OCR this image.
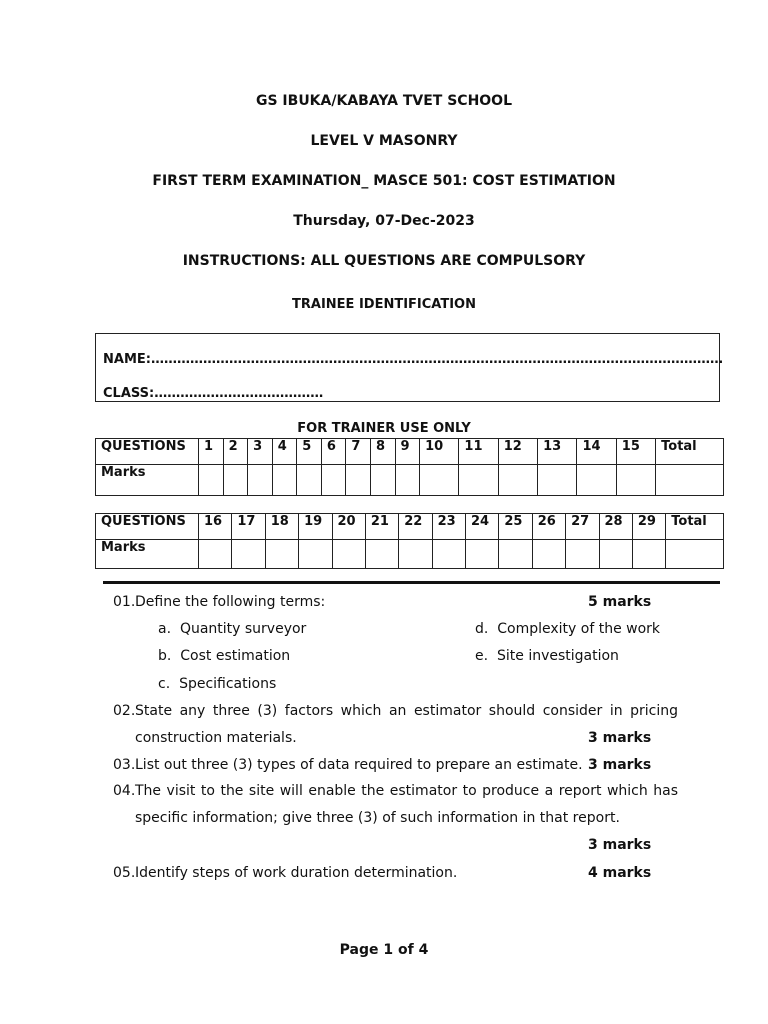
GS IBUKA/KABAYA TVET SCHOOL
LEVEL V MASONRY
FIRST TERM EXAMINATION_ MASCE 501: COST ESTIMATION
Thursday, 07-Dec-2023
INSTRUCTIONS: ALL QUESTIONS ARE COMPULSORY
TRAINEE IDENTIFICATION
NAME:……………………………………………………………………………………………………………………
CLASS:…………………………………
FOR TRAINER USE ONLY
QUESTIONS	1	2	3	4	5	6	7	8	9	10	11	12	13	14	15	Total
Marks																
QUESTIONS	16	17	18	19	20	21	22	23	24	25	26	27	28	29	Total
Marks															
01. Define the following terms:	5 marks
a. Quantity surveyor
b. Cost estimation
c. Specifications
d. Complexity of the work
e. Site investigation
02. State any three (3) factors which an estimator should consider in pricing
construction materials.	3 marks
03. List out three (3) types of data required to prepare an estimate. 3 marks
04. The visit to the site will enable the estimator to produce a report which has
specific information; give three (3) of such information in that report.
3 marks
05. Identify steps of work duration determination.	4 marks
Page 1 of 4
